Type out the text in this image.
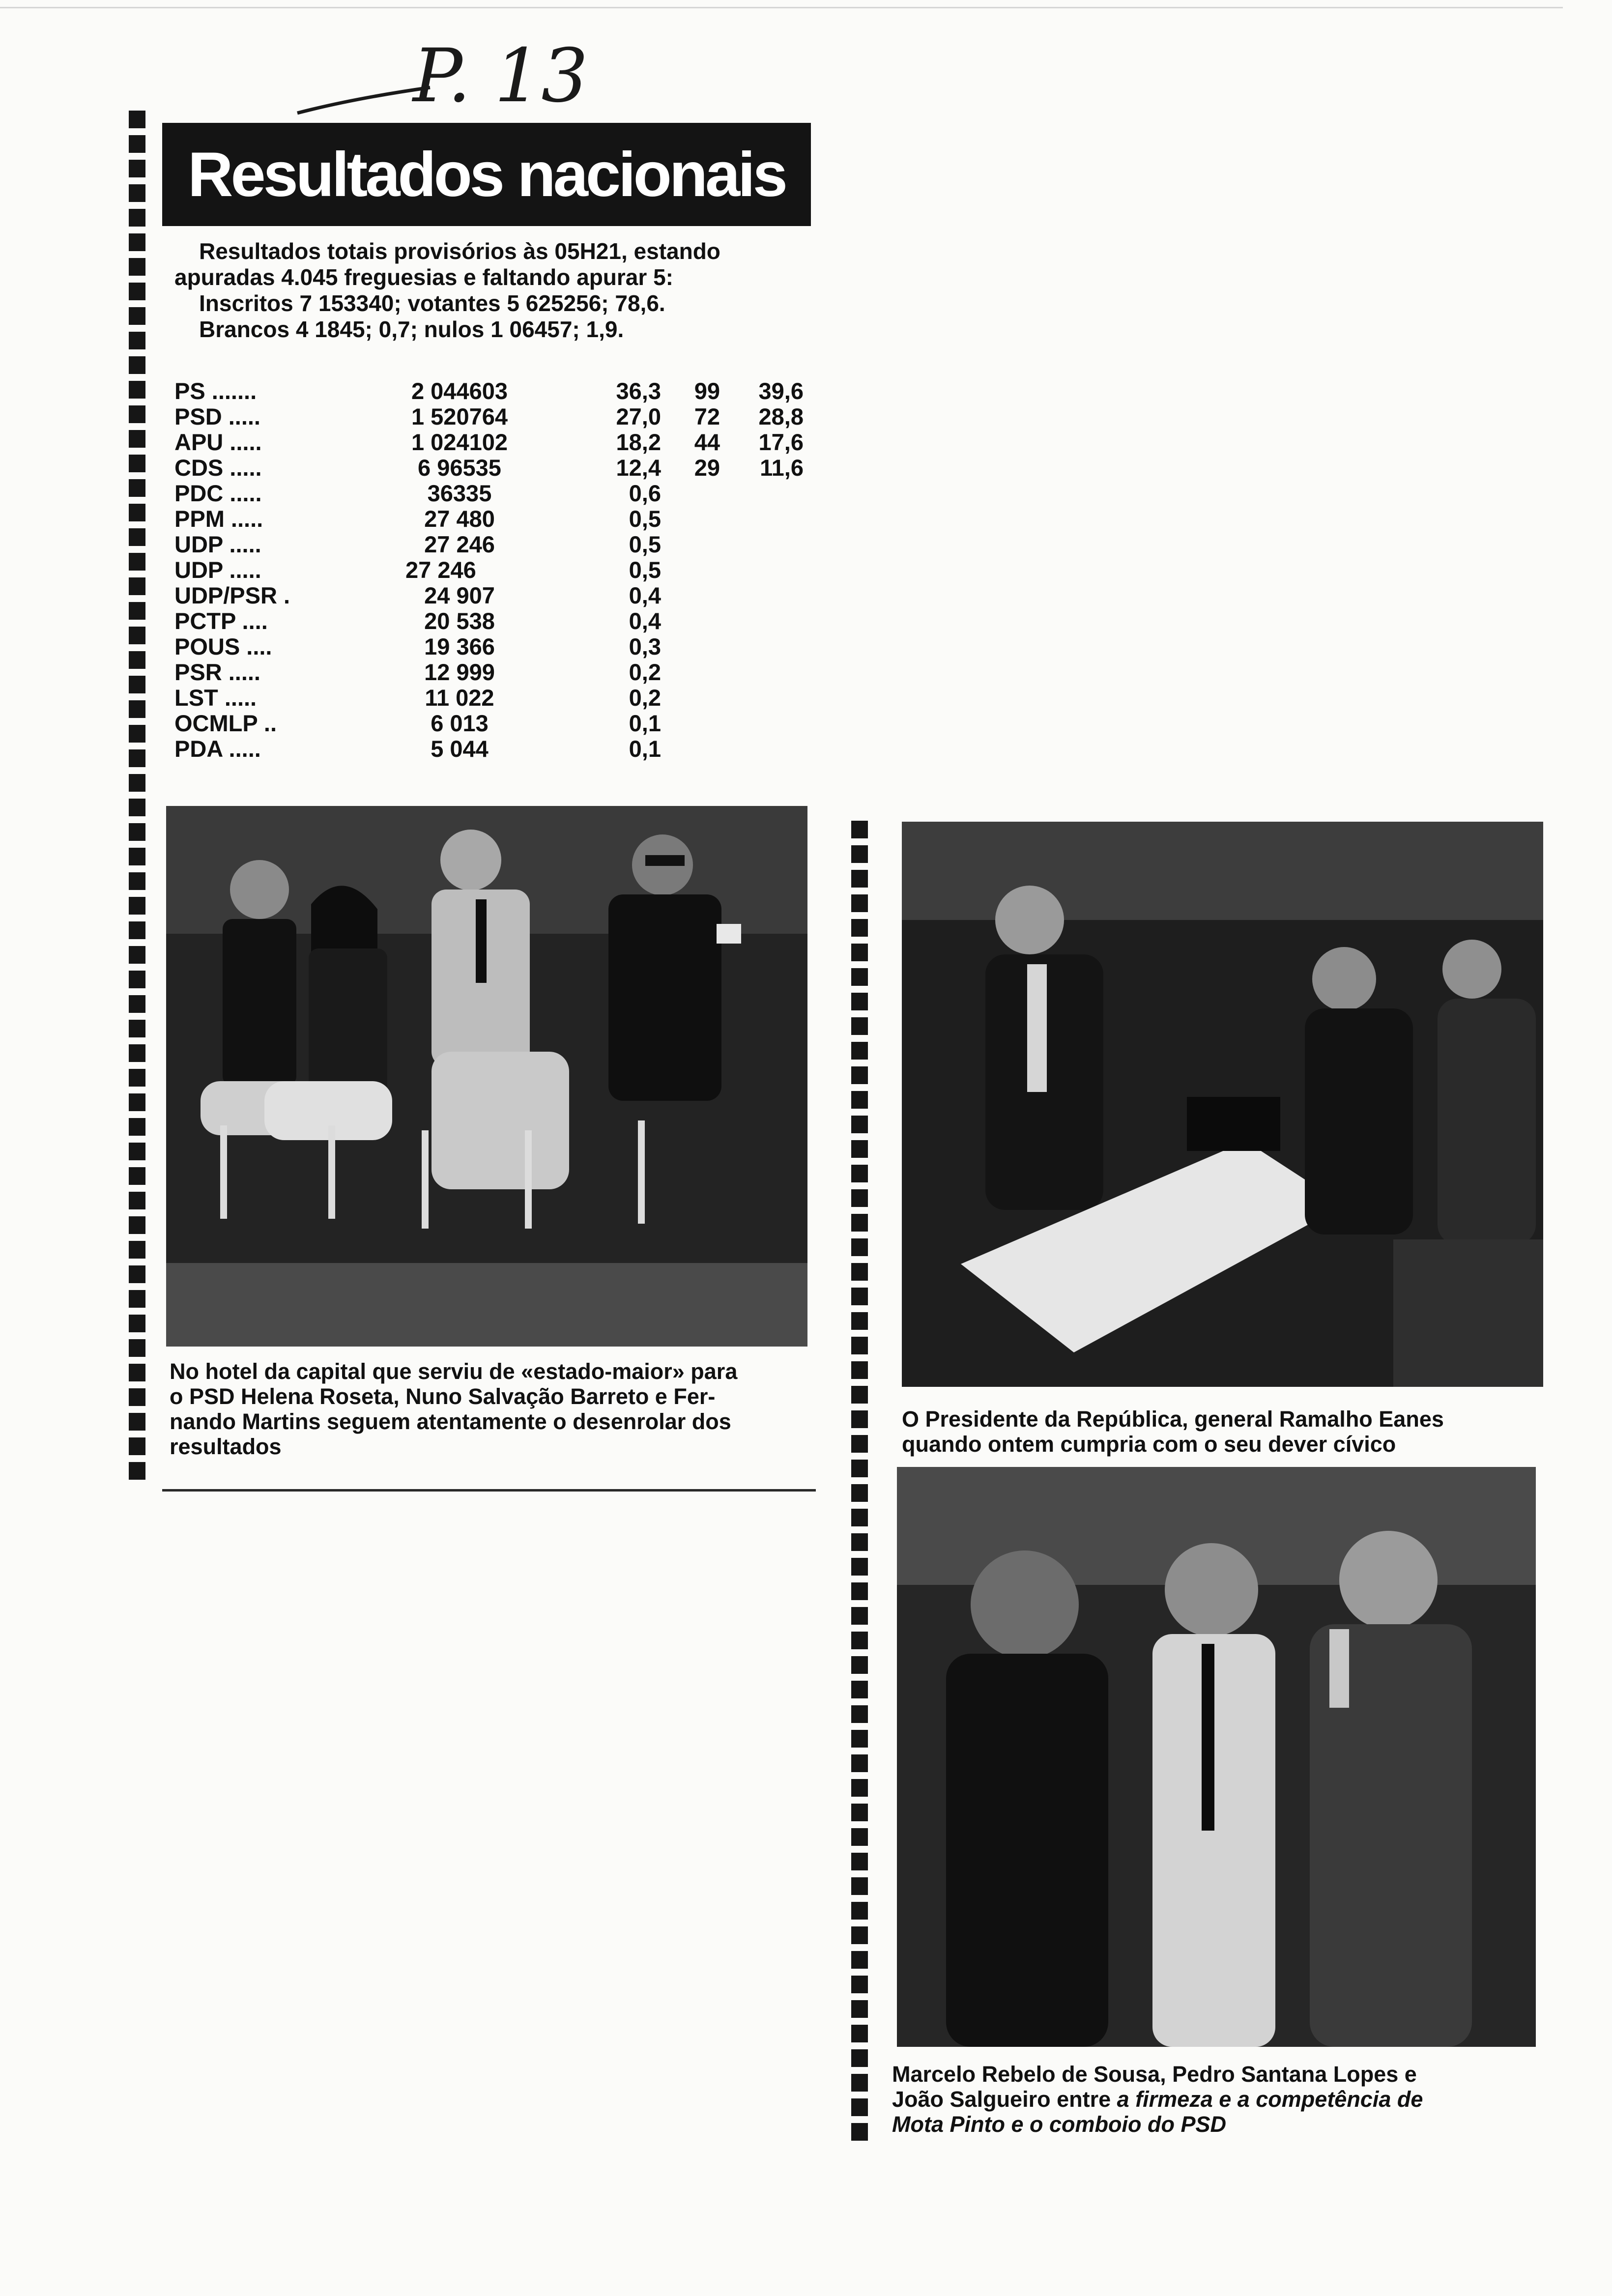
P. 13
Resultados nacionais
Resultados totais provisórios às 05H21, estando
apuradas 4.045 freguesias e faltando apurar 5:
Inscritos 7 153340; votantes 5 625256; 78,6.
Brancos 4 1845; 0,7; nulos 1 06457; 1,9.
PS .......	2 044603	36,3	99	39,6
PSD .....	1 520764	27,0	72	28,8
APU .....	1 024102	18,2	44	17,6
CDS .....	6 96535	12,4	29	11,6
PDC .....	36335	0,6
PPM .....	27 480	0,5
UDP .....	27 246	0,5
UDP .....	27 246	0,5
UDP/PSR .	24 907	0,4
PCTP ....	20 538	0,4
POUS ....	19 366	0,3
PSR .....	12 999	0,2
LST .....	11 022	0,2
OCMLP ..	6 013	0,1
PDA .....	5 044	0,1
No hotel da capital que serviu de «estado-maior» para
o PSD Helena Roseta, Nuno Salvação Barreto e Fer-
nando Martins seguem atentamente o desenrolar dos
resultados
O Presidente da República, general Ramalho Eanes
quando ontem cumpria com o seu dever cívico
Marcelo Rebelo de Sousa, Pedro Santana Lopes e
João Salgueiro entre a firmeza e a competência de
Mota Pinto e o comboio do PSD
